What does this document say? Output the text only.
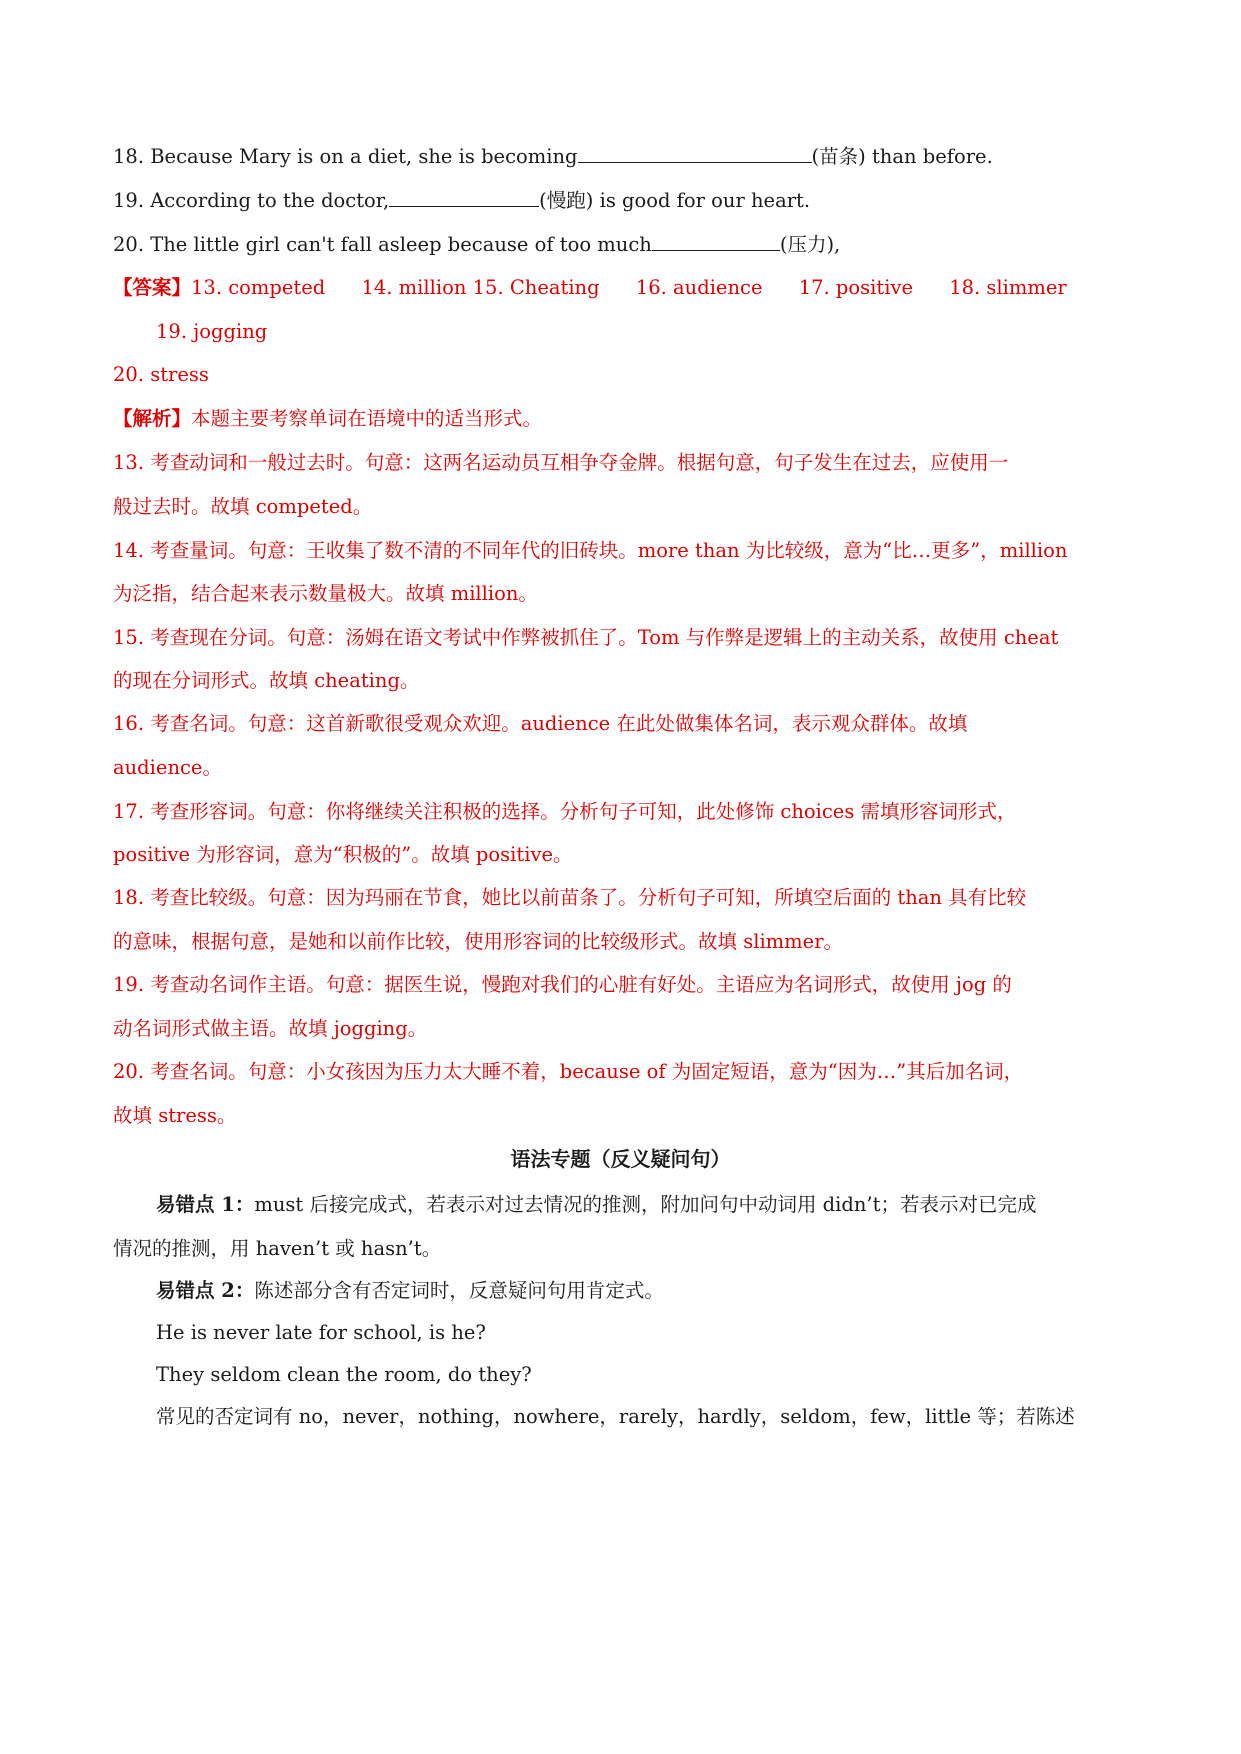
18. Because Mary is on a diet, she is becoming	(苗条) than before.
19. According to the doctor,	(慢跑) is good for our heart.
20. The little girl can't fall asleep because of too much	(压力),
【答案】13. competed 14. million 15. Cheating 16. audience 17. positive 18. slimmer
19. jogging
20. stress
【解析】本题主要考察单词在语境中的适当形式。
13. 考查动词和一般过去时。句意：这两名运动员互相争夺金牌。根据句意，句子发生在过去，应使用一
般过去时。故填 competed。
14. 考查量词。句意：王收集了数不清的不同年代的旧砖块。more than 为比较级，意为“比…更多”，million
为泛指，结合起来表示数量极大。故填 million。
15. 考查现在分词。句意：汤姆在语文考试中作弊被抓住了。Tom 与作弊是逻辑上的主动关系，故使用 cheat
的现在分词形式。故填 cheating。
16. 考查名词。句意：这首新歌很受观众欢迎。audience 在此处做集体名词，表示观众群体。故填
audience。
17. 考查形容词。句意：你将继续关注积极的选择。分析句子可知，此处修饰 choices 需填形容词形式，
positive 为形容词，意为“积极的”。故填 positive。
18. 考查比较级。句意：因为玛丽在节食，她比以前苗条了。分析句子可知，所填空后面的 than 具有比较
的意味，根据句意，是她和以前作比较，使用形容词的比较级形式。故填 slimmer。
19. 考查动名词作主语。句意：据医生说，慢跑对我们的心脏有好处。主语应为名词形式，故使用 jog 的
动名词形式做主语。故填 jogging。
20. 考查名词。句意：小女孩因为压力太大睡不着，because of 为固定短语，意为“因为…”其后加名词，
故填 stress。
语法专题（反义疑问句）
易错点 1：must 后接完成式，若表示对过去情况的推测，附加问句中动词用 didn’t；若表示对已完成
情况的推测，用 haven’t 或 hasn’t。
易错点 2：陈述部分含有否定词时，反意疑问句用肯定式。
He is never late for school, is he?
They seldom clean the room, do they?
常见的否定词有 no，never，nothing，nowhere，rarely，hardly，seldom，few，little 等；若陈述
